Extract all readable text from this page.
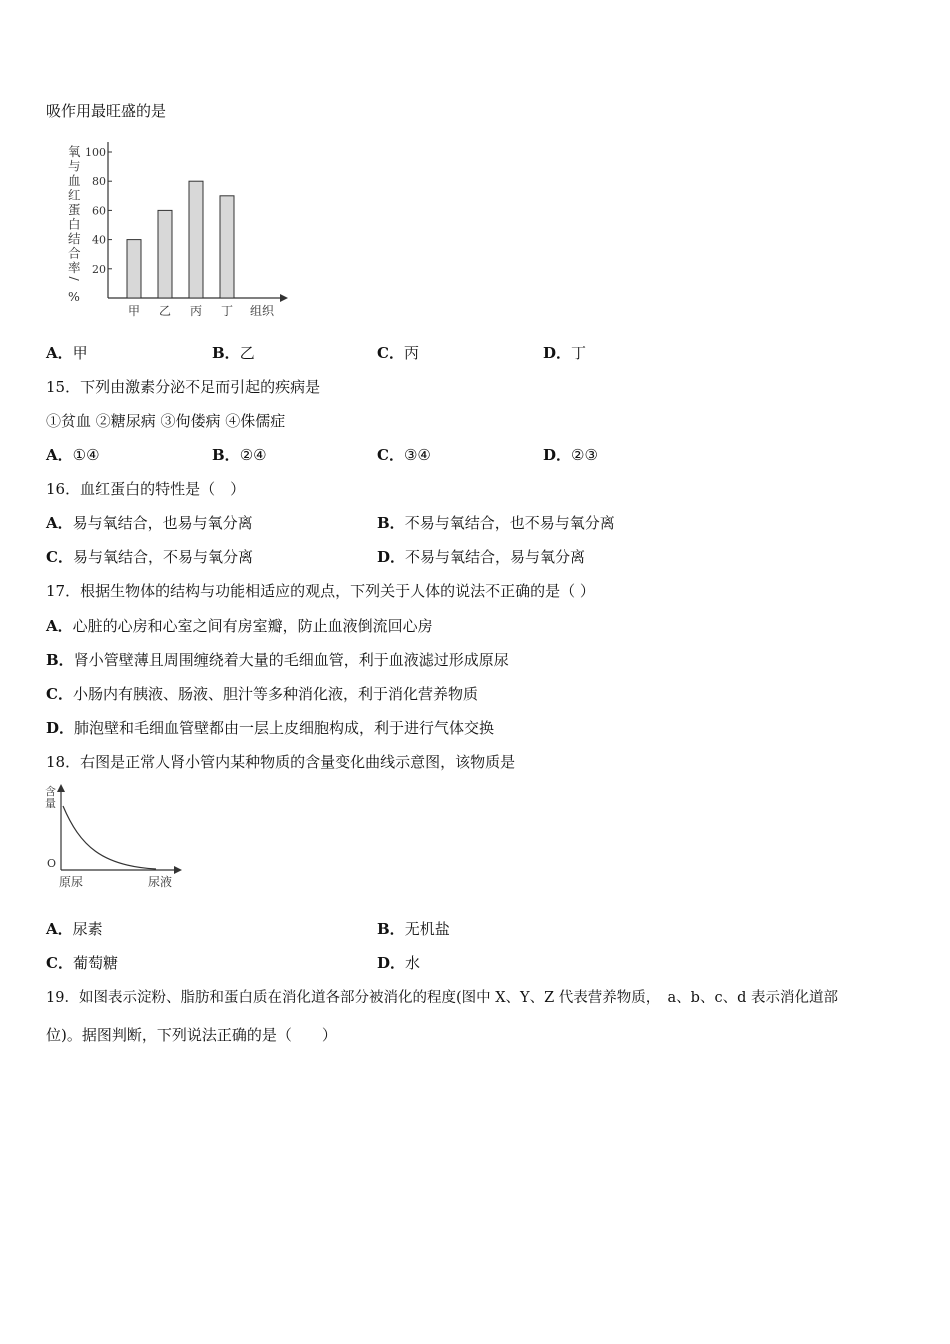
吸作用最旺盛的是
氧
与
血
红
蛋
白
结
合
率
/
%
20
40
60
80
100
甲 乙 丙 丁 组织
A．甲	B．乙	C．丙	D．丁
15．下列由激素分泌不足而引起的疾病是
①贫血 ②糖尿病 ③佝偻病 ④侏儒症
A．①④	B．②④	C．③④	D．②③
16．血红蛋白的特性是（　）
A．易与氧结合，也易与氧分离	B．不易与氧结合，也不易与氧分离
C．易与氧结合，不易与氧分离	D．不易与氧结合，易与氧分离
17．根据生物体的结构与功能相适应的观点，下列关于人体的说法不正确的是（ ）
A．心脏的心房和心室之间有房室瓣，防止血液倒流回心房
B．肾小管壁薄且周围缠绕着大量的毛细血管，利于血液滤过形成原尿
C．小肠内有胰液、肠液、胆汁等多种消化液，利于消化营养物质
D．肺泡壁和毛细血管壁都由一层上皮细胞构成，利于进行气体交换
18．右图是正常人肾小管内某种物质的含量变化曲线示意图，该物质是
含
量
O
原尿	尿液
A．尿素	B．无机盐
C．葡萄糖	D．水
19．如图表示淀粉、脂肪和蛋白质在消化道各部分被消化的程度(图中 X、Y、Z 代表营养物质，　a、b、c、d 表示消化道部
位)。据图判断，下列说法正确的是（　　）
